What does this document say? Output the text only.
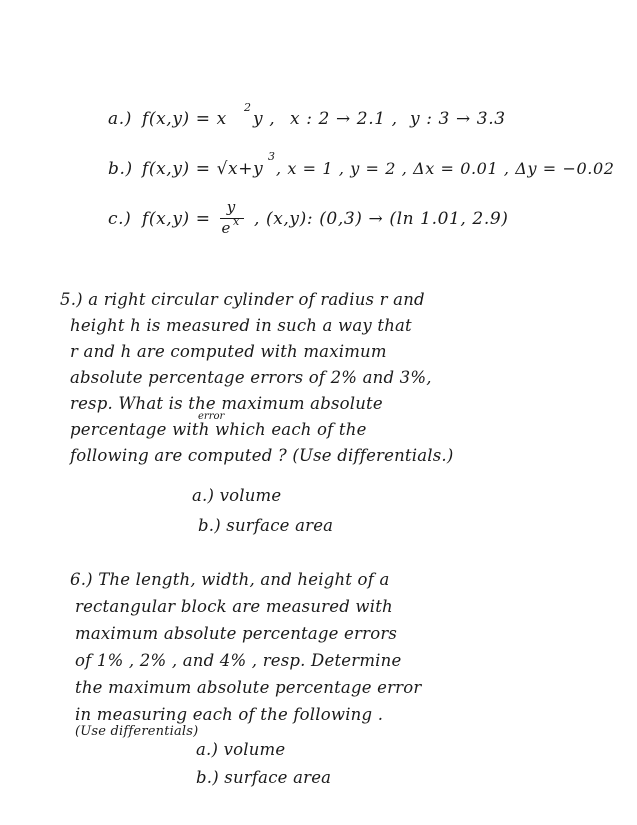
a.) f(x,y) = x
2
y , x : 2 → 2.1 , y : 3 → 3.3
b.) f(x,y) = √x+y
3
, x = 1 , y = 2 , Δx = 0.01 , Δy = −0.02
c.) f(x,y) =
y
e x , (x,y): (0,3) → (ln 1.01, 2.9)
5.) a right circular cylinder of radius r and
height h is measured in such a way that
r and h are computed with maximum
absolute percentage errors of 2% and 3%,
resp. What is the maximum absolute
error
percentage with which each of the
following are computed ? (Use differentials.)
a.) volume
b.) surface area
6.) The length, width, and height of a
rectangular block are measured with
maximum absolute percentage errors
of 1% , 2% , and 4% , resp. Determine
the maximum absolute percentage error
in measuring each of the following .
(Use differentials)
a.) volume
b.) surface area
